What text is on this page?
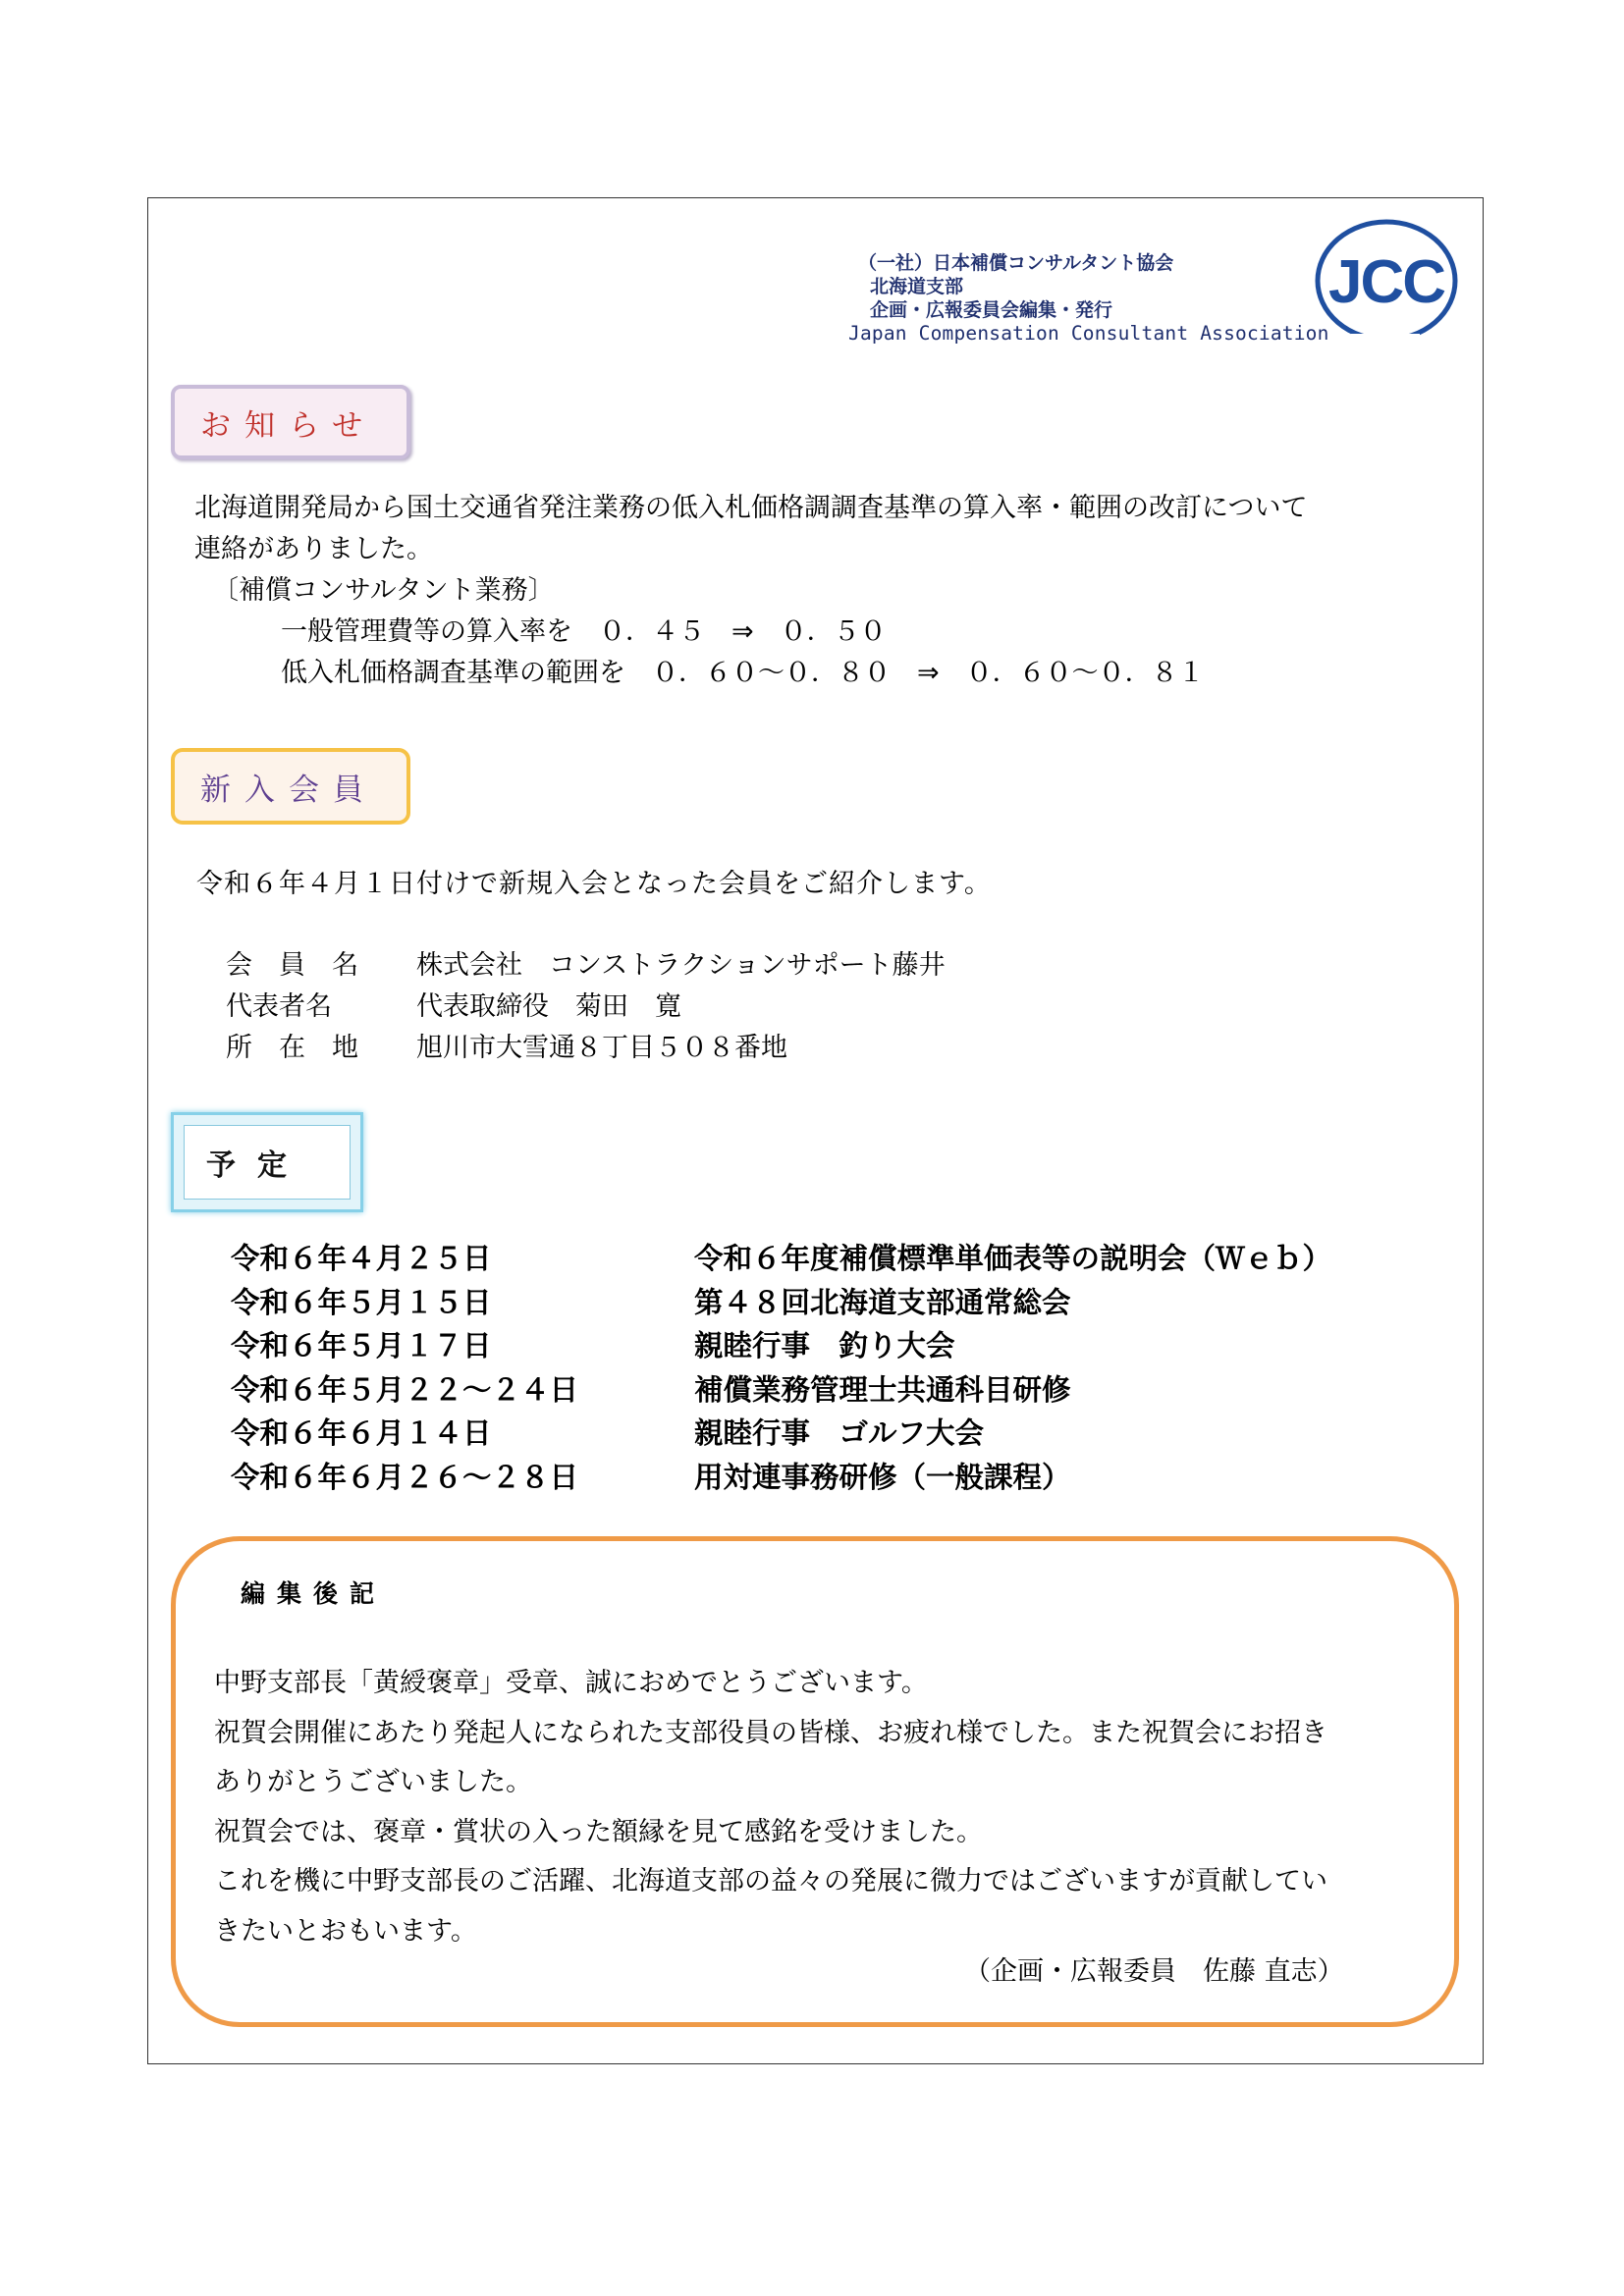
（一社）日本補償コンサルタント協会
北海道支部
企画・広報委員会編集・発行
Japan Compensation Consultant Association
JCC
お知らせ
北海道開発局から国土交通省発注業務の低入札価格調調査基準の算入率・範囲の改訂について
連絡がありました。
〔補償コンサルタント業務〕
一般管理費等の算入率を　０．４５　⇒　０．５０
低入札価格調査基準の範囲を　０．６０～０．８０　⇒　０．６０～０．８１
新入会員
令和６年４月１日付けで新規入会となった会員をご紹介します。
会　員　名	株式会社　コンストラクションサポート藤井
代表者名	代表取締役　菊田　寛
所　在　地	旭川市大雪通８丁目５０８番地
予定
令和６年４月２５日	令和６年度補償標準単価表等の説明会（Ｗｅｂ）
令和６年５月１５日	第４８回北海道支部通常総会
令和６年５月１７日	親睦行事　釣り大会
令和６年５月２２～２４日	補償業務管理士共通科目研修
令和６年６月１４日	親睦行事　ゴルフ大会
令和６年６月２６～２８日	用対連事務研修（一般課程）
編集後記
中野支部長「黄綬褒章」受章、誠におめでとうございます。
祝賀会開催にあたり発起人になられた支部役員の皆様、お疲れ様でした。また祝賀会にお招き
ありがとうございました。
祝賀会では、褒章・賞状の入った額縁を見て感銘を受けました。
これを機に中野支部長のご活躍、北海道支部の益々の発展に微力ではございますが貢献してい
きたいとおもいます。
（企画・広報委員　佐藤 直志）
